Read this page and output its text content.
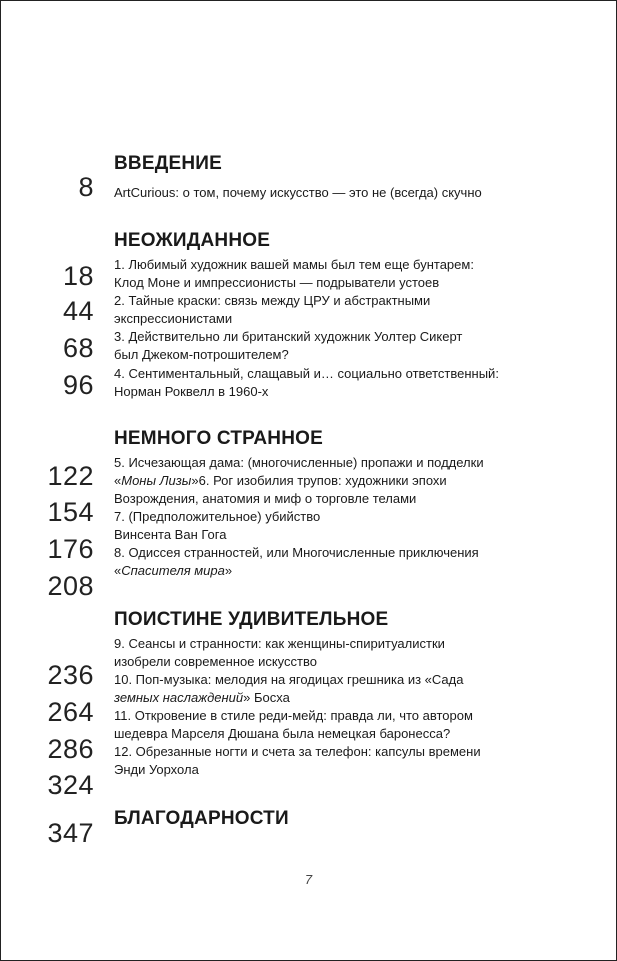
ВВЕДЕНИЕ
8 ArtCurious: о том, почему искусство — это не (всегда) скучно
НЕОЖИДАННОЕ
18
44
68
96
1. Любимый художник вашей мамы был тем еще бунтарем:
Клод Моне и импрессионисты — подрыватели устоев
2. Тайные краски: связь между ЦРУ и абстрактными
экспрессионистами
3. Действительно ли британский художник Уолтер Сикерт
был Джеком-потрошителем?
4. Сентиментальный, слащавый и… социально ответственный:
Норман Роквелл в 1960-х
НЕМНОГО СТРАННОЕ
122
154
176
208
5. Исчезающая дама: (многочисленные) пропажи и подделки
«Моны Лизы»6. Рог изобилия трупов: художники эпохи
Возрождения, анатомия и миф о торговле телами
7. (Предположительное) убийство
Винсента Ван Гога
8. Одиссея странностей, или Многочисленные приключения
«Спасителя мира»
ПОИСТИНЕ УДИВИТЕЛЬНОЕ
236
264
286
324
9. Сеансы и странности: как женщины-спиритуалистки
изобрели современное искусство
10. Поп-музыка: мелодия на ягодицах грешника из «Сада
земных наслаждений» Босха
11. Откровение в стиле реди-мейд: правда ли, что автором
шедевра Марселя Дюшана была немецкая баронесса?
12. Обрезанные ногти и счета за телефон: капсулы времени
Энди Уорхола
БЛАГОДАРНОСТИ
347
7
